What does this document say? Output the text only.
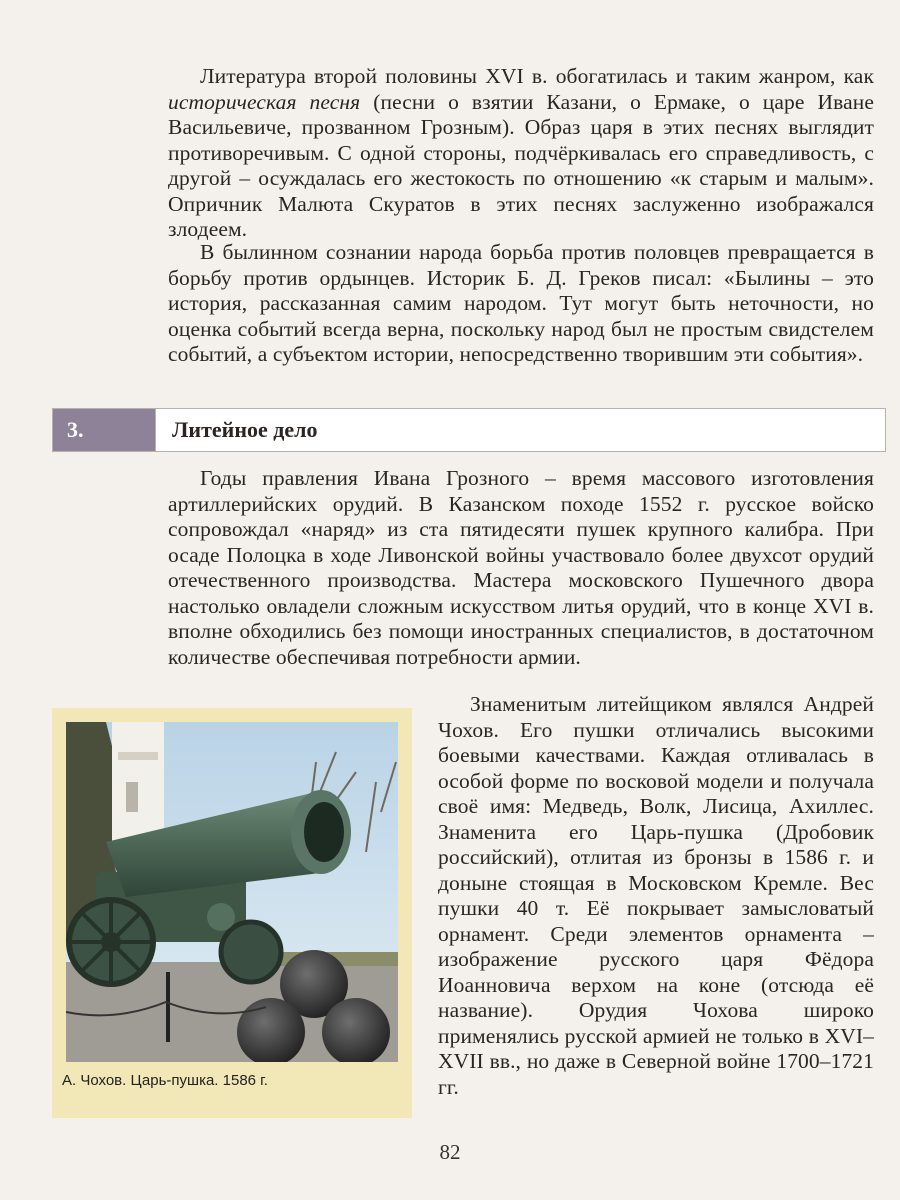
Литература второй половины XVI в. обогатилась и таким жанром, как историческая песня (песни о взятии Казани, о Ермаке, о царе Иване Васильевиче, прозванном Грозным). Образ царя в этих песнях выглядит противоречивым. С одной стороны, подчёркивалась его справедливость, с другой – осуждалась его жестокость по отношению «к старым и малым». Опричник Малюта Скуратов в этих песнях заслуженно изображался злодеем.

В былинном сознании народа борьба против половцев превращается в борьбу против ордынцев. Историк Б. Д. Греков писал: «Былины – это история, рассказанная самим народом. Тут могут быть неточности, но оценка событий всегда верна, поскольку народ был не простым свидстелем событий, а субъектом истории, непосредственно творившим эти события».

3.	Литейное дело

Годы правления Ивана Грозного – время массового изготовления артиллерийских орудий. В Казанском походе 1552 г. русское войско сопровождал «наряд» из ста пятидесяти пушек крупного калибра. При осаде Полоцка в ходе Ливонской войны участвовало более двухсот орудий отечественного производства. Мастера московского Пушечного двора настолько овладели сложным искусством литья орудий, что в конце XVI в. вполне обходились без помощи иностранных специалистов, в достаточном количестве обеспечивая потребности армии.

А. Чохов. Царь-пушка. 1586 г.

Знаменитым литейщиком являлся Андрей Чохов. Его пушки отличались высокими боевыми качествами. Каждая отливалась в особой форме по восковой модели и получала своё имя: Медведь, Волк, Лисица, Ахиллес. Знаменита его Царь-пушка (Дробовик российский), отлитая из бронзы в 1586 г. и доныне стоящая в Московском Кремле. Вес пушки 40 т. Её покрывает замысловатый орнамент. Среди элементов орнамента – изображение русского царя Фёдора Иоанновича верхом на коне (отсюда её название). Орудия Чохова широко применялись русской армией не только в XVI–XVII вв., но даже в Северной войне 1700–1721 гг.

82
